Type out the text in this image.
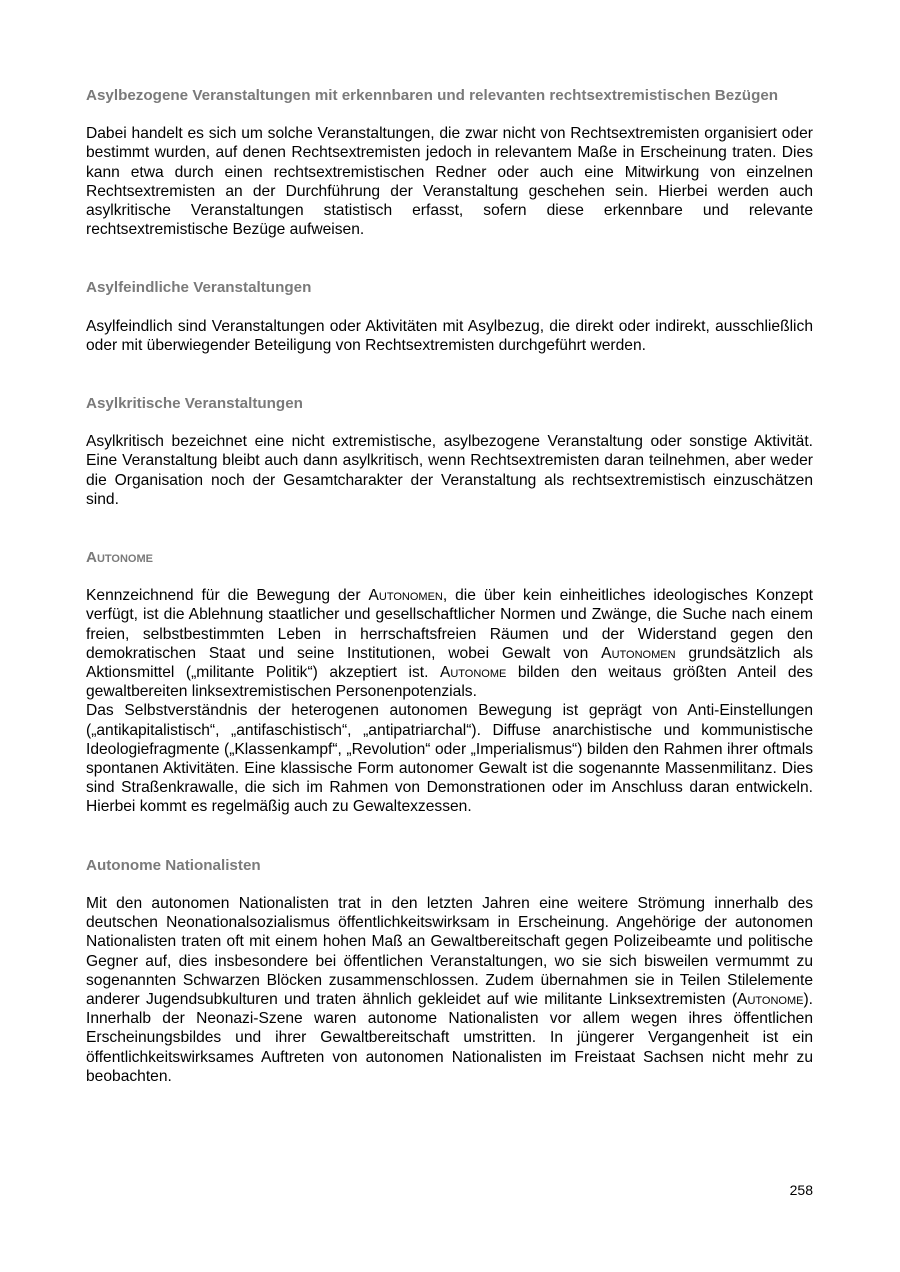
Asylbezogene Veranstaltungen mit erkennbaren und relevanten rechtsextremistischen Bezügen

Dabei handelt es sich um solche Veranstaltungen, die zwar nicht von Rechtsextremisten organisiert oder bestimmt wurden, auf denen Rechtsextremisten jedoch in relevantem Maße in Erscheinung traten. Dies kann etwa durch einen rechtsextremistischen Redner oder auch eine Mitwirkung von einzelnen Rechtsextremisten an der Durchführung der Veranstaltung geschehen sein. Hierbei werden auch asylkritische Veranstaltungen statistisch erfasst, sofern diese erkennbare und relevante rechtsextremistische Bezüge aufweisen.

Asylfeindliche Veranstaltungen

Asylfeindlich sind Veranstaltungen oder Aktivitäten mit Asylbezug, die direkt oder indirekt, ausschließlich oder mit überwiegender Beteiligung von Rechtsextremisten durchgeführt werden.

Asylkritische Veranstaltungen

Asylkritisch bezeichnet eine nicht extremistische, asylbezogene Veranstaltung oder sonstige Aktivität. Eine Veranstaltung bleibt auch dann asylkritisch, wenn Rechtsextremisten daran teilnehmen, aber weder die Organisation noch der Gesamtcharakter der Veranstaltung als rechtsextremistisch einzuschätzen sind.

Autonome

Kennzeichnend für die Bewegung der Autonomen, die über kein einheitliches ideologisches Konzept verfügt, ist die Ablehnung staatlicher und gesellschaftlicher Normen und Zwänge, die Suche nach einem freien, selbstbestimmten Leben in herrschaftsfreien Räumen und der Widerstand gegen den demokratischen Staat und seine Institutionen, wobei Gewalt von Autonomen grundsätzlich als Aktionsmittel („militante Politik“) akzeptiert ist. Autonome bilden den weitaus größten Anteil des gewaltbereiten linksextremistischen Personenpotenzials.

Das Selbstverständnis der heterogenen autonomen Bewegung ist geprägt von Anti-Einstellungen („antikapitalistisch“, „antifaschistisch“, „antipatriarchal“). Diffuse anarchistische und kommunistische Ideologiefragmente („Klassenkampf“, „Revolution“ oder „Imperialismus“) bilden den Rahmen ihrer oftmals spontanen Aktivitäten. Eine klassische Form autonomer Gewalt ist die sogenannte Massenmilitanz. Dies sind Straßenkrawalle, die sich im Rahmen von Demonstrationen oder im Anschluss daran entwickeln. Hierbei kommt es regelmäßig auch zu Gewaltexzessen.

Autonome Nationalisten

Mit den autonomen Nationalisten trat in den letzten Jahren eine weitere Strömung innerhalb des deutschen Neonationalsozialismus öffentlichkeitswirksam in Erscheinung. Angehörige der autonomen Nationalisten traten oft mit einem hohen Maß an Gewaltbereitschaft gegen Polizeibeamte und politische Gegner auf, dies insbesondere bei öffentlichen Veranstaltungen, wo sie sich bisweilen vermummt zu sogenannten Schwarzen Blöcken zusammenschlossen. Zudem übernahmen sie in Teilen Stilelemente anderer Jugendsubkulturen und traten ähnlich gekleidet auf wie militante Linksextremisten (Autonome). Innerhalb der Neonazi-Szene waren autonome Nationalisten vor allem wegen ihres öffentlichen Erscheinungsbildes und ihrer Gewaltbereitschaft umstritten. In jüngerer Vergangenheit ist ein öffentlichkeitswirksames Auftreten von autonomen Nationalisten im Freistaat Sachsen nicht mehr zu beobachten.

258
